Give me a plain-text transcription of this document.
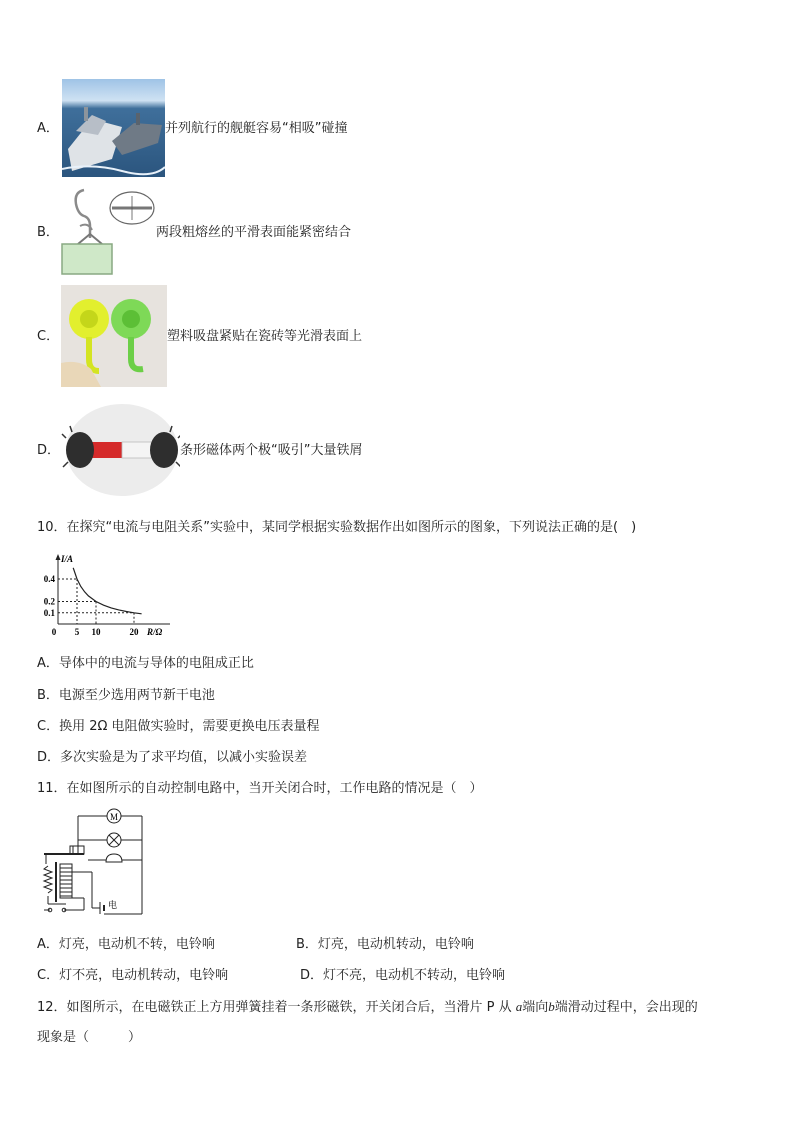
A．	并列航行的舰艇容易“相吸”碰撞
B．	两段粗熔丝的平滑表面能紧密结合
C．	塑料吸盘紧贴在瓷砖等光滑表面上
D．	条形磁体两个极“吸引”大量铁屑
10．在探究“电流与电阻关系”实验中，某同学根据实验数据作出如图所示的图象，下列说法正确的是(　)
I/A
R/Ω
0 5 10	20
0.1
0.2
0.4
A．导体中的电流与导体的电阻成正比
B．电源至少选用两节新干电池
C．换用 2Ω 电阻做实验时，需要更换电压表量程
D．多次实验是为了求平均值，以减小实验误差
11．在如图所示的自动控制电路中，当开关闭合时，工作电路的情况是（　）
M
电
A．灯亮，电动机不转，电铃响	B．灯亮，电动机转动，电铃响
C．灯不亮，电动机转动，电铃响	D．灯不亮，电动机不转动，电铃响
12．如图所示，在电磁铁正上方用弹簧挂着一条形磁铁，开关闭合后，当滑片 P 从 a端向b端滑动过程中，会出现的
现象是（　　　）
